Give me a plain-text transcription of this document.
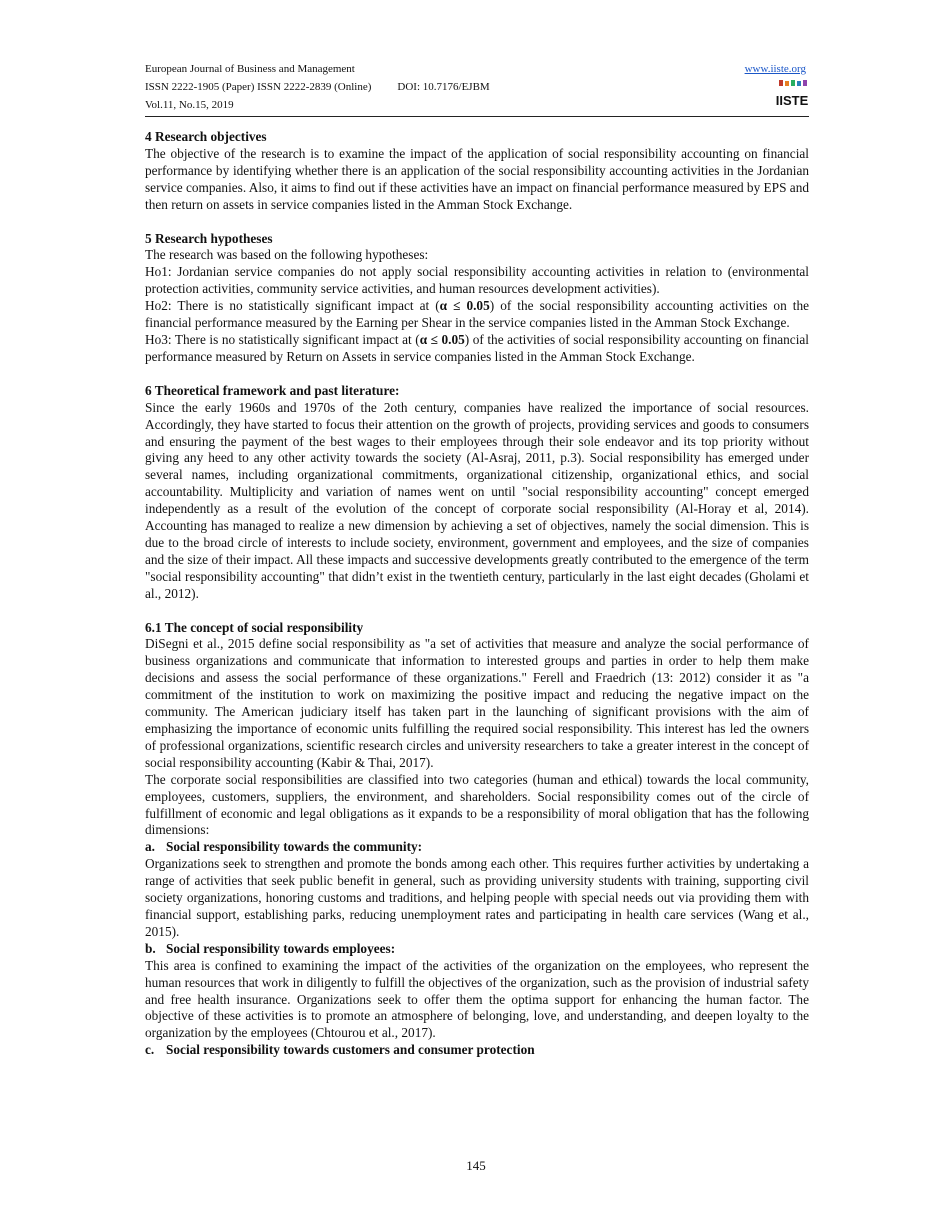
European Journal of Business and Management
ISSN 2222-1905 (Paper) ISSN 2222-2839 (Online) DOI: 10.7176/EJBM
Vol.11, No.15, 2019
www.iiste.org
IISTE
4 Research objectives

The objective of the research is to examine the impact of the application of social responsibility accounting on financial performance by identifying whether there is an application of the social responsibility accounting activities in the Jordanian service companies. Also, it aims to find out if these activities have an impact on financial performance measured by EPS and then return on assets in service companies listed in the Amman Stock Exchange.

5 Research hypotheses

The research was based on the following hypotheses:

Ho1: Jordanian service companies do not apply social responsibility accounting activities in relation to (environmental protection activities, community service activities, and human resources development activities).

Ho2: There is no statistically significant impact at (α ≤ 0.05) of the social responsibility accounting activities on the financial performance measured by the Earning per Shear in the service companies listed in the Amman Stock Exchange.

Ho3: There is no statistically significant impact at (α ≤ 0.05) of the activities of social responsibility accounting on financial performance measured by Return on Assets in service companies listed in the Amman Stock Exchange.

6 Theoretical framework and past literature:

Since the early 1960s and 1970s of the 2oth century, companies have realized the importance of social resources. Accordingly, they have started to focus their attention on the growth of projects, providing services and goods to consumers and ensuring the payment of the best wages to their employees through their sole endeavor and its top priority without giving any heed to any other activity towards the society (Al-Asraj, 2011, p.3). Social responsibility has emerged under several names, including organizational commitments, organizational citizenship, organizational ethics, and social accountability. Multiplicity and variation of names went on until "social responsibility accounting" concept emerged independently as a result of the evolution of the concept of corporate social responsibility (Al-Horay et al, 2014). Accounting has managed to realize a new dimension by achieving a set of objectives, namely the social dimension. This is due to the broad circle of interests to include society, environment, government and employees, and the size of companies and the size of their impact. All these impacts and successive developments greatly contributed to the emergence of the term "social responsibility accounting" that didn’t exist in the twentieth century, particularly in the last eight decades (Gholami et al., 2012).

6.1 The concept of social responsibility

DiSegni et al., 2015 define social responsibility as "a set of activities that measure and analyze the social performance of business organizations and communicate that information to interested groups and parties in order to help them make decisions and assess the social performance of these organizations." Ferell and Fraedrich (13: 2012) consider it as "a commitment of the institution to work on maximizing the positive impact and reducing the negative impact on the community. The American judiciary itself has taken part in the launching of significant provisions with the aim of emphasizing the importance of economic units fulfilling the required social responsibility. This interest has led the owners of professional organizations, scientific research circles and university researchers to take a greater interest in the concept of social responsibility accounting (Kabir & Thai, 2017).

The corporate social responsibilities are classified into two categories (human and ethical) towards the local community, employees, customers, suppliers, the environment, and shareholders. Social responsibility comes out of the circle of fulfillment of economic and legal obligations as it expands to be a responsibility of moral obligation that has the following dimensions:

a. Social responsibility towards the community:

Organizations seek to strengthen and promote the bonds among each other. This requires further activities by undertaking a range of activities that seek public benefit in general, such as providing university students with training, supporting civil society organizations, honoring customs and traditions, and helping people with special needs out via providing them with financial support, establishing parks, reducing unemployment rates and participating in health care services (Wang et al., 2015).

b. Social responsibility towards employees:

This area is confined to examining the impact of the activities of the organization on the employees, who represent the human resources that work in diligently to fulfill the objectives of the organization, such as the provision of industrial safety and free health insurance. Organizations seek to offer them the optima support for enhancing the human factor. The objective of these activities is to promote an atmosphere of belonging, love, and understanding, and deepen loyalty to the organization by the employees (Chtourou et al., 2017).

c. Social responsibility towards customers and consumer protection

145
